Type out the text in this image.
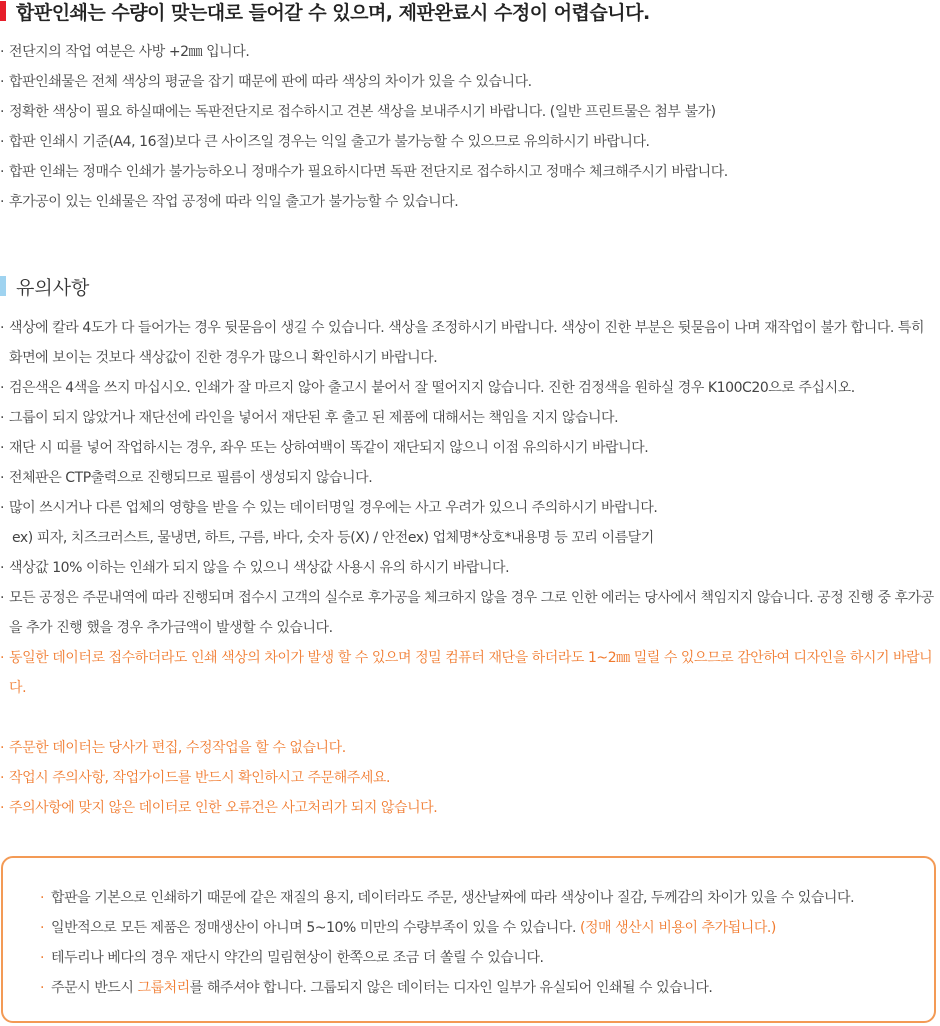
합판인쇄는 수량이 맞는대로 들어갈 수 있으며, 제판완료시 수정이 어렵습니다.
· 전단지의 작업 여분은 사방 +2㎜ 입니다.
· 합판인쇄물은 전체 색상의 평균을 잡기 때문에 판에 따라 색상의 차이가 있을 수 있습니다.
· 정확한 색상이 필요 하실때에는 독판전단지로 접수하시고 견본 색상을 보내주시기 바랍니다. (일반 프린트물은 첨부 불가)
· 합판 인쇄시 기준(A4, 16절)보다 큰 사이즈일 경우는 익일 출고가 불가능할 수 있으므로 유의하시기 바랍니다.
· 합판 인쇄는 정매수 인쇄가 불가능하오니 정매수가 필요하시다면 독판 전단지로 접수하시고 정매수 체크해주시기 바랍니다.
· 후가공이 있는 인쇄물은 작업 공정에 따라 익일 출고가 불가능할 수 있습니다.
유의사항
· 색상에 칼라 4도가 다 들어가는 경우 뒷묻음이 생길 수 있습니다. 색상을 조정하시기 바랍니다. 색상이 진한 부분은 뒷묻음이 나며 재작업이 불가 합니다. 특히 화면에 보이는 것보다 색상값이 진한 경우가 많으니 확인하시기 바랍니다.
· 검은색은 4색을 쓰지 마십시오. 인쇄가 잘 마르지 않아 출고시 붙어서 잘 떨어지지 않습니다. 진한 검정색을 원하실 경우 K100C20으로 주십시오.
· 그룹이 되지 않았거나 재단선에 라인을 넣어서 재단된 후 출고 된 제품에 대해서는 책임을 지지 않습니다.
· 재단 시 띠를 넣어 작업하시는 경우, 좌우 또는 상하여백이 똑같이 재단되지 않으니 이점 유의하시기 바랍니다.
· 전체판은 CTP출력으로 진행되므로 필름이 생성되지 않습니다.
· 많이 쓰시거나 다른 업체의 영향을 받을 수 있는 데이터명일 경우에는 사고 우려가 있으니 주의하시기 바랍니다.
ex) 피자, 치즈크러스트, 물냉면, 하트, 구름, 바다, 숫자 등(X) / 안전ex) 업체명*상호*내용명 등 꼬리 이름달기
· 색상값 10% 이하는 인쇄가 되지 않을 수 있으니 색상값 사용시 유의 하시기 바랍니다.
· 모든 공정은 주문내역에 따라 진행되며 접수시 고객의 실수로 후가공을 체크하지 않을 경우 그로 인한 에러는 당사에서 책임지지 않습니다. 공정 진행 중 후가공을 추가 진행 했을 경우 추가금액이 발생할 수 있습니다.
· 동일한 데이터로 접수하더라도 인쇄 색상의 차이가 발생 할 수 있으며 정밀 컴퓨터 재단을 하더라도 1~2㎜ 밀릴 수 있으므로 감안하여 디자인을 하시기 바랍니다.
· 주문한 데이터는 당사가 편집, 수정작업을 할 수 없습니다.
· 작업시 주의사항, 작업가이드를 반드시 확인하시고 주문해주세요.
· 주의사항에 맞지 않은 데이터로 인한 오류건은 사고처리가 되지 않습니다.
· 합판을 기본으로 인쇄하기 때문에 같은 재질의 용지, 데이터라도 주문, 생산날짜에 따라 색상이나 질감, 두께감의 차이가 있을 수 있습니다.
· 일반적으로 모든 제품은 정매생산이 아니며 5~10% 미만의 수량부족이 있을 수 있습니다. (정매 생산시 비용이 추가됩니다.)
· 테두리나 베다의 경우 재단시 약간의 밀림현상이 한쪽으로 조금 더 쏠릴 수 있습니다.
· 주문시 반드시 그룹처리를 해주셔야 합니다. 그룹되지 않은 데이터는 디자인 일부가 유실되어 인쇄될 수 있습니다.
